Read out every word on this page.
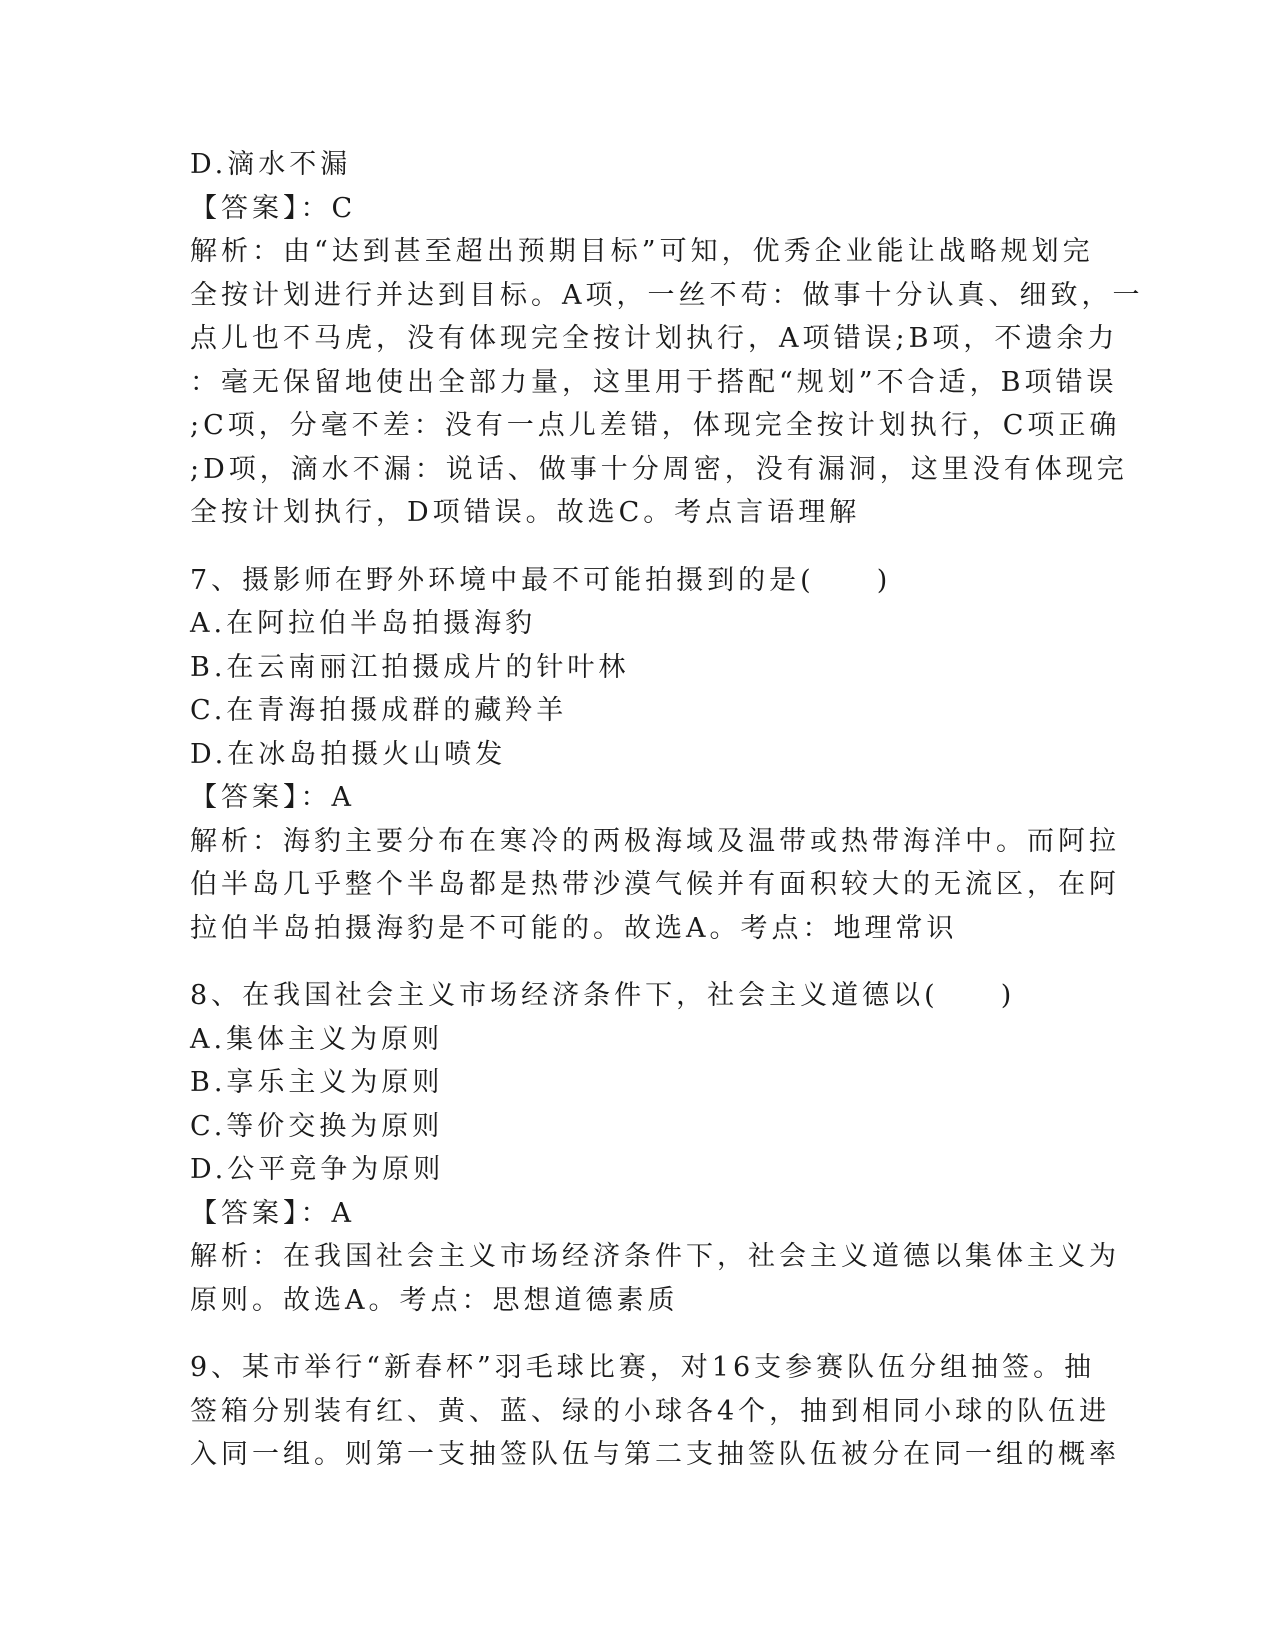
D.滴水不漏
【答案】：C
解析：由“达到甚至超出预期目标”可知，优秀企业能让战略规划完
全按计划进行并达到目标。A项，一丝不苟：做事十分认真、细致，一
点儿也不马虎，没有体现完全按计划执行，A项错误;B项，不遗余力
：毫无保留地使出全部力量，这里用于搭配“规划”不合适，B项错误
;C项，分毫不差：没有一点儿差错，体现完全按计划执行，C项正确
;D项，滴水不漏：说话、做事十分周密，没有漏洞，这里没有体现完
全按计划执行，D项错误。故选C。考点言语理解
7、摄影师在野外环境中最不可能拍摄到的是(　　)
A.在阿拉伯半岛拍摄海豹
B.在云南丽江拍摄成片的针叶林
C.在青海拍摄成群的藏羚羊
D.在冰岛拍摄火山喷发
【答案】：A
解析：海豹主要分布在寒冷的两极海域及温带或热带海洋中。而阿拉
伯半岛几乎整个半岛都是热带沙漠气候并有面积较大的无流区，在阿
拉伯半岛拍摄海豹是不可能的。故选A。考点：地理常识
8、在我国社会主义市场经济条件下，社会主义道德以(　　)
A.集体主义为原则
B.享乐主义为原则
C.等价交换为原则
D.公平竞争为原则
【答案】：A
解析：在我国社会主义市场经济条件下，社会主义道德以集体主义为
原则。故选A。考点：思想道德素质
9、某市举行“新春杯”羽毛球比赛，对16支参赛队伍分组抽签。抽
签箱分别装有红、黄、蓝、绿的小球各4个，抽到相同小球的队伍进
入同一组。则第一支抽签队伍与第二支抽签队伍被分在同一组的概率
